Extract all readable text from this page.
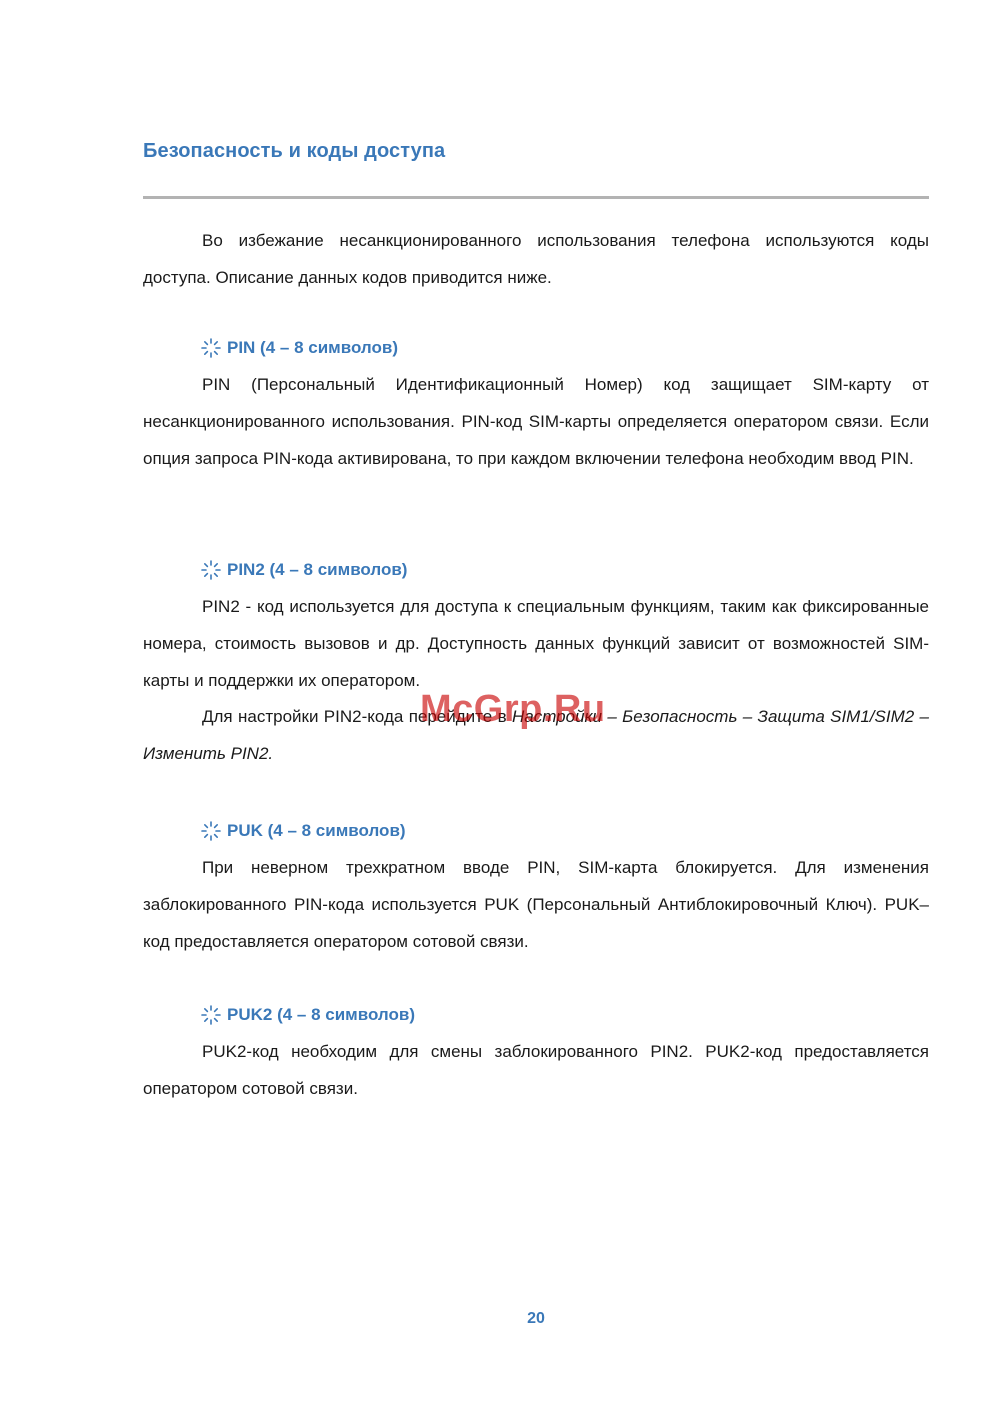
Безопасность и коды доступа

Во избежание несанкционированного использования телефона используются коды доступа. Описание данных кодов приводится ниже.

PIN (4 – 8 символов)

PIN (Персональный Идентификационный Номер) код защищает SIM-карту от несанкционированного использования. PIN-код SIM-карты определяется оператором связи. Если опция запроса PIN-кода активирована, то при каждом включении телефона необходим ввод PIN.

PIN2 (4 – 8 символов)

PIN2 - код используется для доступа к специальным функциям, таким как фиксированные номера, стоимость вызовов и др. Доступность данных функций зависит от возможностей SIM-карты и поддержки их оператором.

Для настройки PIN2-кода перейдите в Настройки – Безопасность – Защита SIM1/SIM2 – Изменить PIN2.

PUK (4 – 8 символов)

При неверном трехкратном вводе PIN, SIM-карта блокируется. Для изменения заблокированного PIN-кода используется PUK (Персональный Антиблокировочный Ключ). PUK–код предоставляется оператором сотовой связи.

PUK2 (4 – 8 символов)

PUK2-код необходим для смены заблокированного PIN2. PUK2-код предоставляется оператором сотовой связи.

McGrp.Ru
20
